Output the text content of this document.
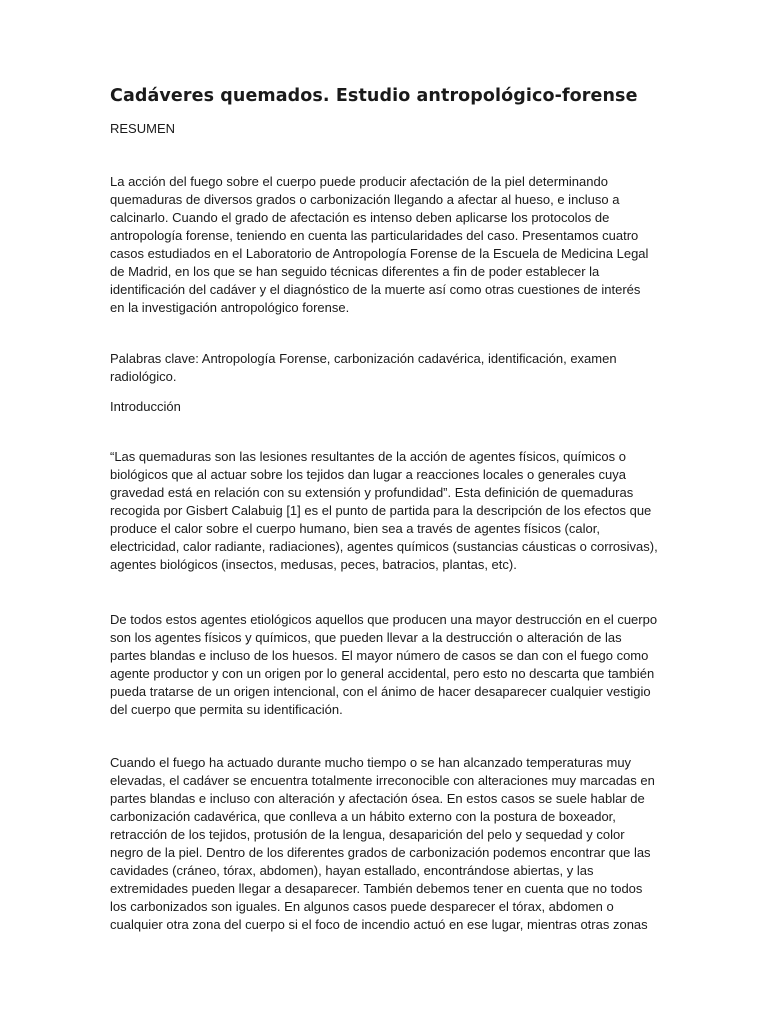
Cadáveres quemados. Estudio antropológico-forense

RESUMEN

La acción del fuego sobre el cuerpo puede producir afectación de la piel determinando quemaduras de diversos grados o carbonización llegando a afectar al hueso, e incluso a calcinarlo. Cuando el grado de afectación es intenso deben aplicarse los protocolos de antropología forense, teniendo en cuenta las particularidades del caso. Presentamos cuatro casos estudiados en el Laboratorio de Antropología Forense de la Escuela de Medicina Legal de Madrid, en los que se han seguido técnicas diferentes a fin de poder establecer la identificación del cadáver y el diagnóstico de la muerte así como otras cuestiones de interés en la investigación antropológico forense.

Palabras clave: Antropología Forense, carbonización cadavérica, identificación, examen radiológico.

Introducción

“Las quemaduras son las lesiones resultantes de la acción de agentes físicos, químicos o biológicos que al actuar sobre los tejidos dan lugar a reacciones locales o generales cuya gravedad está en relación con su extensión y profundidad”. Esta definición de quemaduras recogida por Gisbert Calabuig [1] es el punto de partida para la descripción de los efectos que produce el calor sobre el cuerpo humano, bien sea a través de agentes físicos (calor, electricidad, calor radiante, radiaciones), agentes químicos (sustancias cáusticas o corrosivas), agentes biológicos (insectos, medusas, peces, batracios, plantas, etc).

De todos estos agentes etiológicos aquellos que producen una mayor destrucción en el cuerpo son los agentes físicos y químicos, que pueden llevar a la destrucción o alteración de las partes blandas e incluso de los huesos. El mayor número de casos se dan con el fuego como agente productor y con un origen por lo general accidental, pero esto no descarta que también pueda tratarse de un origen intencional, con el ánimo de hacer desaparecer cualquier vestigio del cuerpo que permita su identificación.

Cuando el fuego ha actuado durante mucho tiempo o se han alcanzado temperaturas muy elevadas, el cadáver se encuentra totalmente irreconocible con alteraciones muy marcadas en partes blandas e incluso con alteración y afectación ósea. En estos casos se suele hablar de carbonización cadavérica, que conlleva a un hábito externo con la postura de boxeador, retracción de los tejidos, protusión de la lengua, desaparición del pelo y sequedad y color negro de la piel. Dentro de los diferentes grados de carbonización podemos encontrar que las cavidades (cráneo, tórax, abdomen), hayan estallado, encontrándose abiertas, y las extremidades pueden llegar a desaparecer. También debemos tener en cuenta que no todos los carbonizados son iguales. En algunos casos puede desparecer el tórax, abdomen o cualquier otra zona del cuerpo si el foco de incendio actuó en ese lugar, mientras otras zonas
